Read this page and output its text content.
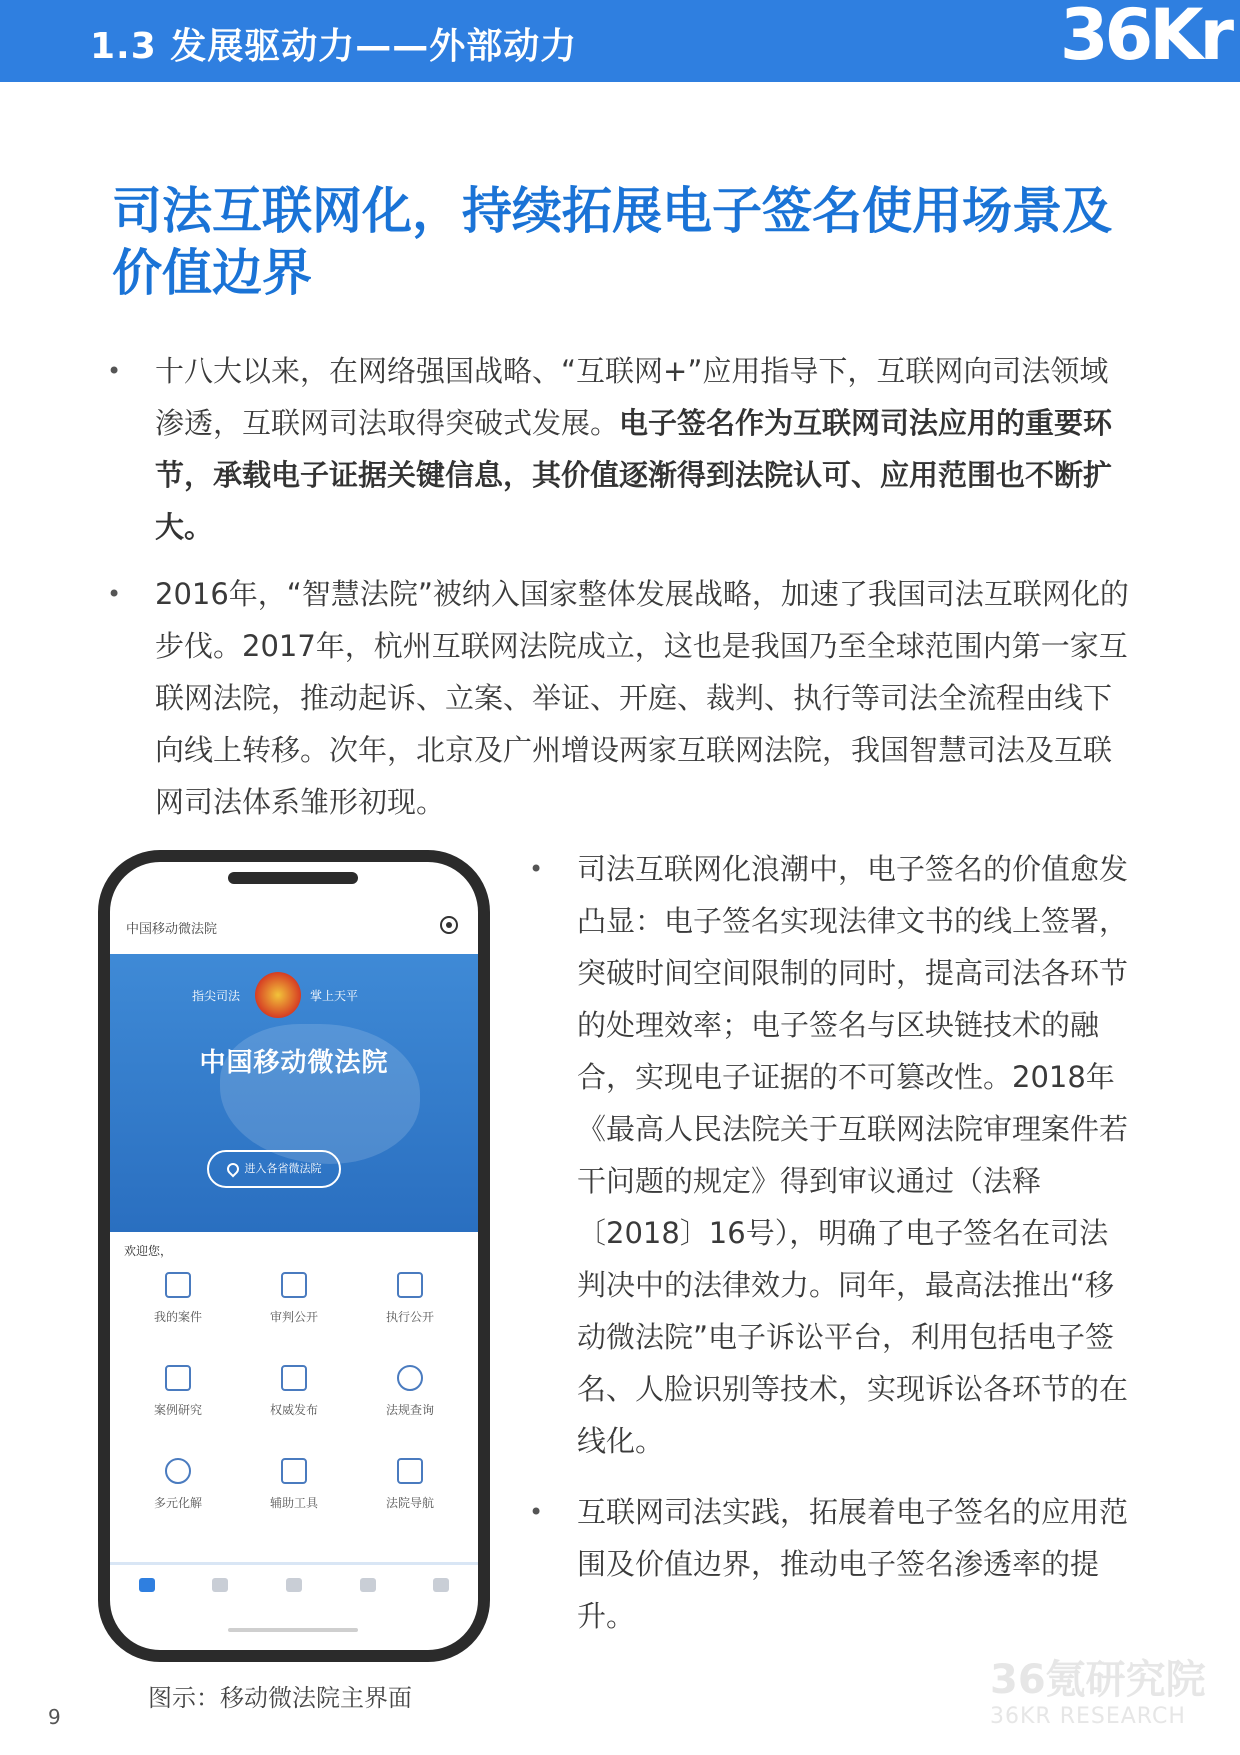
1.3 发展驱动力——外部动力	36Kr
司法互联网化，持续拓展电子签名使用场景及价值边界
• 十八大以来，在网络强国战略、“互联网+”应用指导下，互联网向司法领域渗透，互联网司法取得突破式发展。电子签名作为互联网司法应用的重要环节，承载电子证据关键信息，其价值逐渐得到法院认可、应用范围也不断扩大。
• 2016年，“智慧法院”被纳入国家整体发展战略，加速了我国司法互联网化的步伐。2017年，杭州互联网法院成立，这也是我国乃至全球范围内第一家互联网法院，推动起诉、立案、举证、开庭、裁判、执行等司法全流程由线下向线上转移。次年，北京及广州增设两家互联网法院，我国智慧司法及互联网司法体系雏形初现。
• 司法互联网化浪潮中，电子签名的价值愈发凸显：电子签名实现法律文书的线上签署，突破时间空间限制的同时，提高司法各环节的处理效率；电子签名与区块链技术的融合，实现电子证据的不可篡改性。2018年《最高人民法院关于互联网法院审理案件若干问题的规定》得到审议通过（法释〔2018〕16号），明确了电子签名在司法判决中的法律效力。同年，最高法推出“移动微法院”电子诉讼平台，利用包括电子签名、人脸识别等技术，实现诉讼各环节的在线化。
• 互联网司法实践，拓展着电子签名的应用范围及价值边界，推动电子签名渗透率的提升。
中国移动微法院
指尖司法	掌上天平
中国移动微法院
进入各省微法院
欢迎您，
我的案件	审判公开	执行公开
案例研究	权威发布	法规查询
多元化解	辅助工具	法院导航
图示：移动微法院主界面
9
36氪研究院
36KR RESEARCH
